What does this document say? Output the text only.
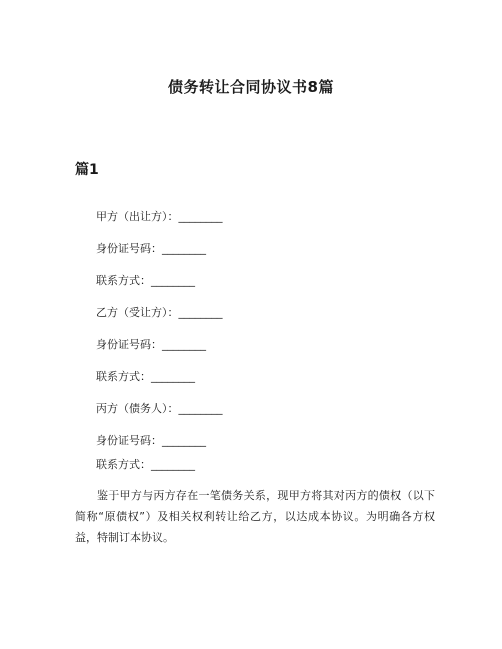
债务转让合同协议书8篇
篇1
甲方（出让方）：________
身份证号码：________
联系方式：________
乙方（受让方）：________
身份证号码：________
联系方式：________
丙方（债务人）：________
身份证号码：________
联系方式：________
鉴于甲方与丙方存在一笔债务关系，现甲方将其对丙方的债权（以下简称“原债权”）及相关权利转让给乙方，以达成本协议。为明确各方权益，特制订本协议。
